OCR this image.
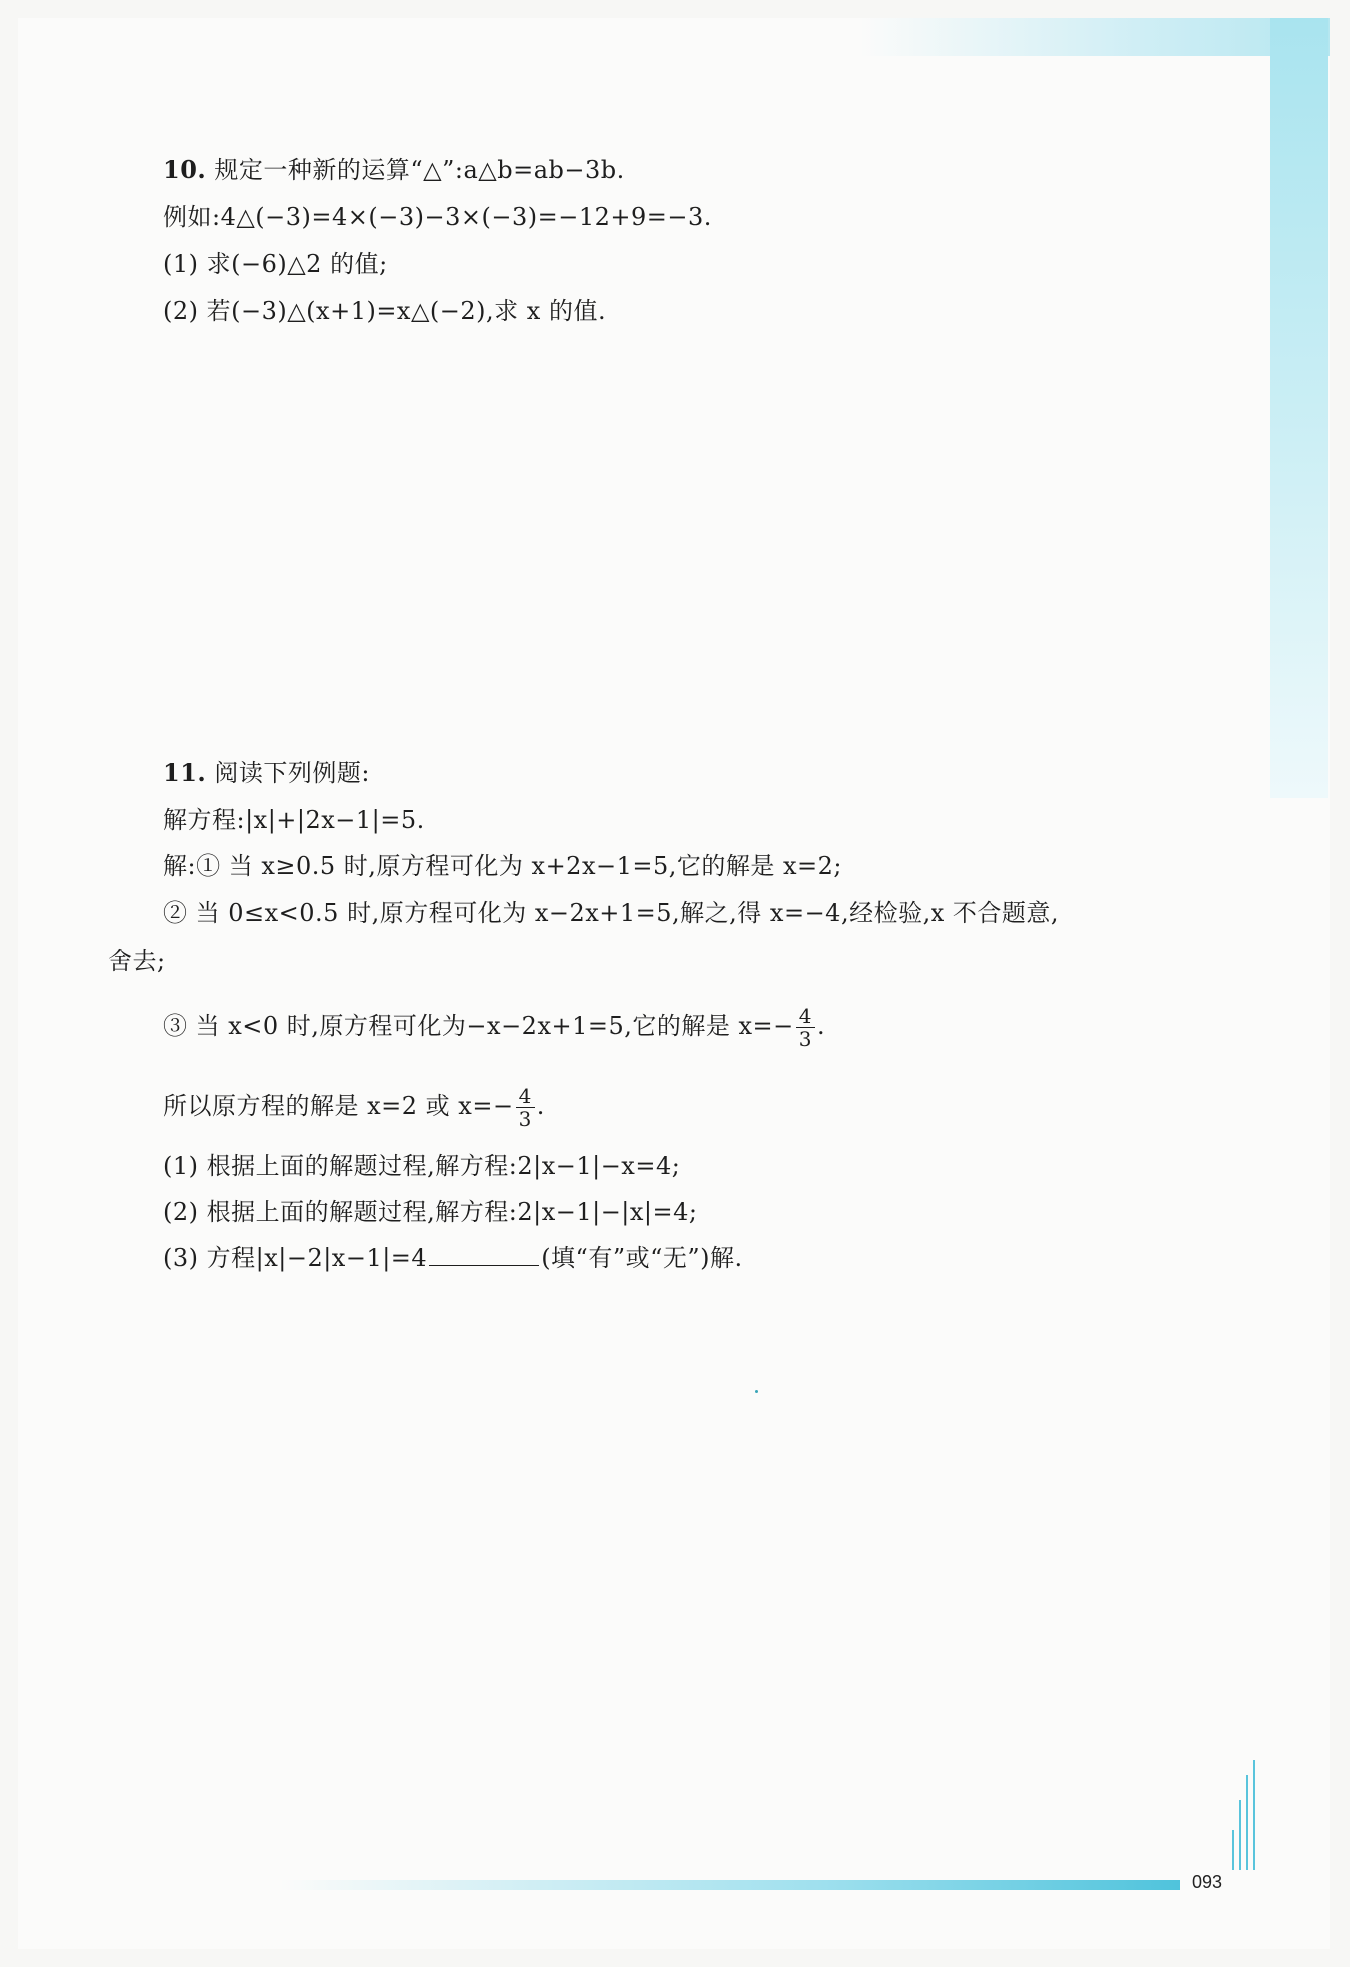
093
10. 规定一种新的运算“△”:a△b=ab−3b.
例如:4△(−3)=4×(−3)−3×(−3)=−12+9=−3.
(1) 求(−6)△2 的值;
(2) 若(−3)△(x+1)=x△(−2),求 x 的值.
11. 阅读下列例题:
解方程:|x|+|2x−1|=5.
解:① 当 x≥0.5 时,原方程可化为 x+2x−1=5,它的解是 x=2;
② 当 0≤x<0.5 时,原方程可化为 x−2x+1=5,解之,得 x=−4,经检验,x 不合题意,
舍去;
③ 当 x<0 时,原方程可化为−x−2x+1=5,它的解是 $x=- \frac{4}{3}$ .
所以原方程的解是 x=2 或 $x=- \frac{4}{3}$ .
(1) 根据上面的解题过程,解方程:2|x−1|−x=4;
(2) 根据上面的解题过程,解方程:2|x−1|−|x|=4;
(3) 方程|x|−2|x−1|=4	(填“有”或“无”)解.
